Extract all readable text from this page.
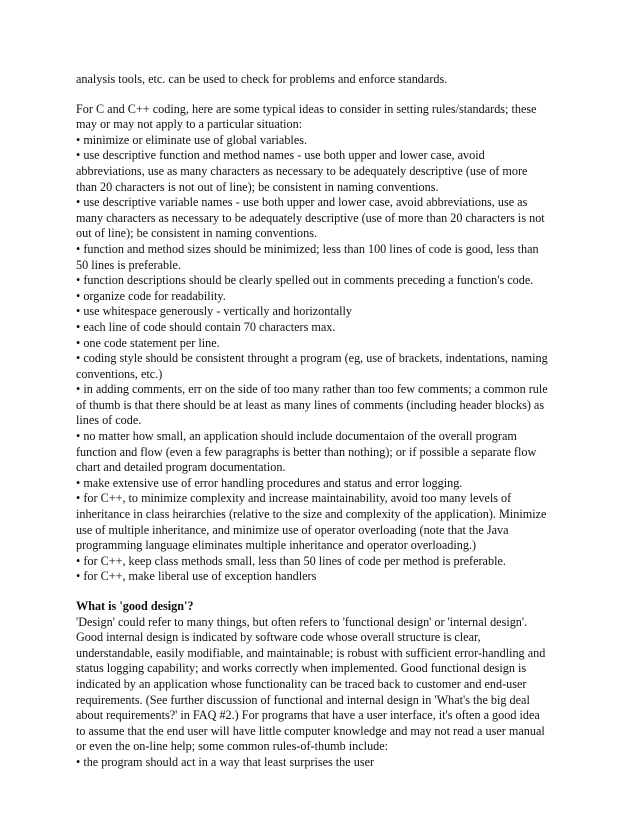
analysis tools, etc. can be used to check for problems and enforce standards.

For C and C++ coding, here are some typical ideas to consider in setting rules/standards; these
may or may not apply to a particular situation:
• minimize or eliminate use of global variables.
• use descriptive function and method names - use both upper and lower case, avoid
abbreviations, use as many characters as necessary to be adequately descriptive (use of more
than 20 characters is not out of line); be consistent in naming conventions.
• use descriptive variable names - use both upper and lower case, avoid abbreviations, use as
many characters as necessary to be adequately descriptive (use of more than 20 characters is not
out of line); be consistent in naming conventions.
• function and method sizes should be minimized; less than 100 lines of code is good, less than
50 lines is preferable.
• function descriptions should be clearly spelled out in comments preceding a function's code.
• organize code for readability.
• use whitespace generously - vertically and horizontally
• each line of code should contain 70 characters max.
• one code statement per line.
• coding style should be consistent throught a program (eg, use of brackets, indentations, naming
conventions, etc.)
• in adding comments, err on the side of too many rather than too few comments; a common rule
of thumb is that there should be at least as many lines of comments (including header blocks) as
lines of code.
• no matter how small, an application should include documentaion of the overall program
function and flow (even a few paragraphs is better than nothing); or if possible a separate flow
chart and detailed program documentation.
• make extensive use of error handling procedures and status and error logging.
• for C++, to minimize complexity and increase maintainability, avoid too many levels of
inheritance in class heirarchies (relative to the size and complexity of the application). Minimize
use of multiple inheritance, and minimize use of operator overloading (note that the Java
programming language eliminates multiple inheritance and operator overloading.)
• for C++, keep class methods small, less than 50 lines of code per method is preferable.
• for C++, make liberal use of exception handlers
What is 'good design'?
'Design' could refer to many things, but often refers to 'functional design' or 'internal design'.
Good internal design is indicated by software code whose overall structure is clear,
understandable, easily modifiable, and maintainable; is robust with sufficient error-handling and
status logging capability; and works correctly when implemented. Good functional design is
indicated by an application whose functionality can be traced back to customer and end-user
requirements. (See further discussion of functional and internal design in 'What's the big deal
about requirements?' in FAQ #2.) For programs that have a user interface, it's often a good idea
to assume that the end user will have little computer knowledge and may not read a user manual
or even the on-line help; some common rules-of-thumb include:
• the program should act in a way that least surprises the user
